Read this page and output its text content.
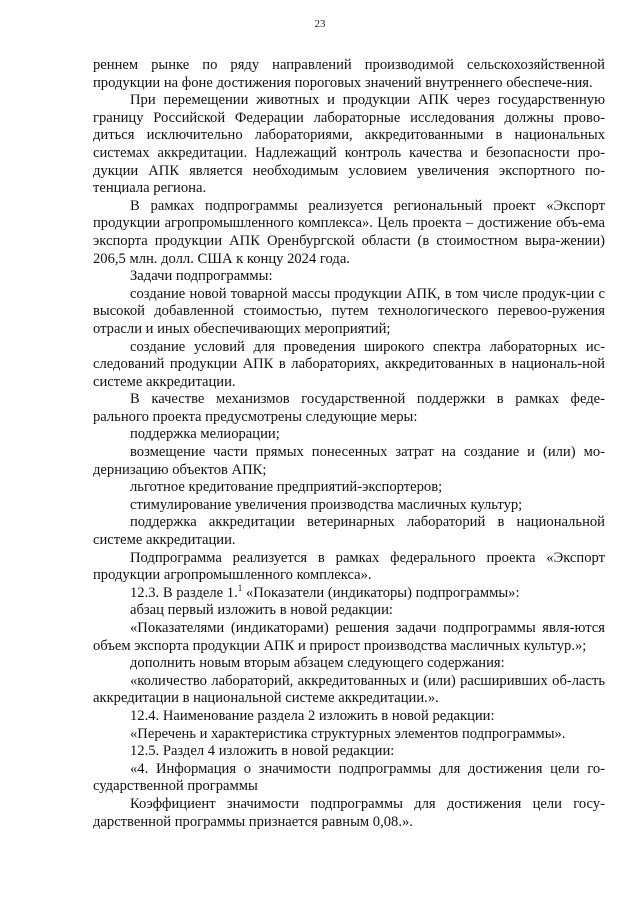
23

реннем рынке по ряду направлений производимой сельскохозяйственной продукции на фоне достижения пороговых значений внутреннего обеспече-ния.

При перемещении животных и продукции АПК через государственную границу Российской Федерации лабораторные исследования должны прово-диться исключительно лабораториями, аккредитованными в национальных системах аккредитации. Надлежащий контроль качества и безопасности про-дукции АПК является необходимым условием увеличения экспортного по-тенциала региона.

В рамках подпрограммы реализуется региональный проект «Экспорт продукции агропромышленного комплекса». Цель проекта – достижение объ-ема экспорта продукции АПК Оренбургской области (в стоимостном выра-жении) 206,5 млн. долл. США к концу 2024 года.

Задачи подпрограммы:

создание новой товарной массы продукции АПК, в том числе продук-ции с высокой добавленной стоимостью, путем технологического перевоо-ружения отрасли и иных обеспечивающих мероприятий;

создание условий для проведения широкого спектра лабораторных ис-следований продукции АПК в лабораториях, аккредитованных в националь-ной системе аккредитации.

В качестве механизмов государственной поддержки в рамках феде-рального проекта предусмотрены следующие меры:

поддержка мелиорации;

возмещение части прямых понесенных затрат на создание и (или) мо-дернизацию объектов АПК;

льготное кредитование предприятий-экспортеров;

стимулирование увеличения производства масличных культур;

поддержка аккредитации ветеринарных лабораторий в национальной системе аккредитации.

Подпрограмма реализуется в рамках федерального проекта «Экспорт продукции агропромышленного комплекса».

12.3. В разделе 1.$^1$ «Показатели (индикаторы) подпрограммы»:

абзац первый изложить в новой редакции:

«Показателями (индикаторами) решения задачи подпрограммы явля-ются объем экспорта продукции АПК и прирост производства масличных культур.»;

дополнить новым вторым абзацем следующего содержания:

«количество лабораторий, аккредитованных и (или) расширивших об-ласть аккредитации в национальной системе аккредитации.».

12.4. Наименование раздела 2 изложить в новой редакции:

«Перечень и характеристика структурных элементов подпрограммы».

12.5. Раздел 4 изложить в новой редакции:

«4. Информация о значимости подпрограммы для достижения цели го-сударственной программы

Коэффициент значимости подпрограммы для достижения цели госу-дарственной программы признается равным 0,08.».
